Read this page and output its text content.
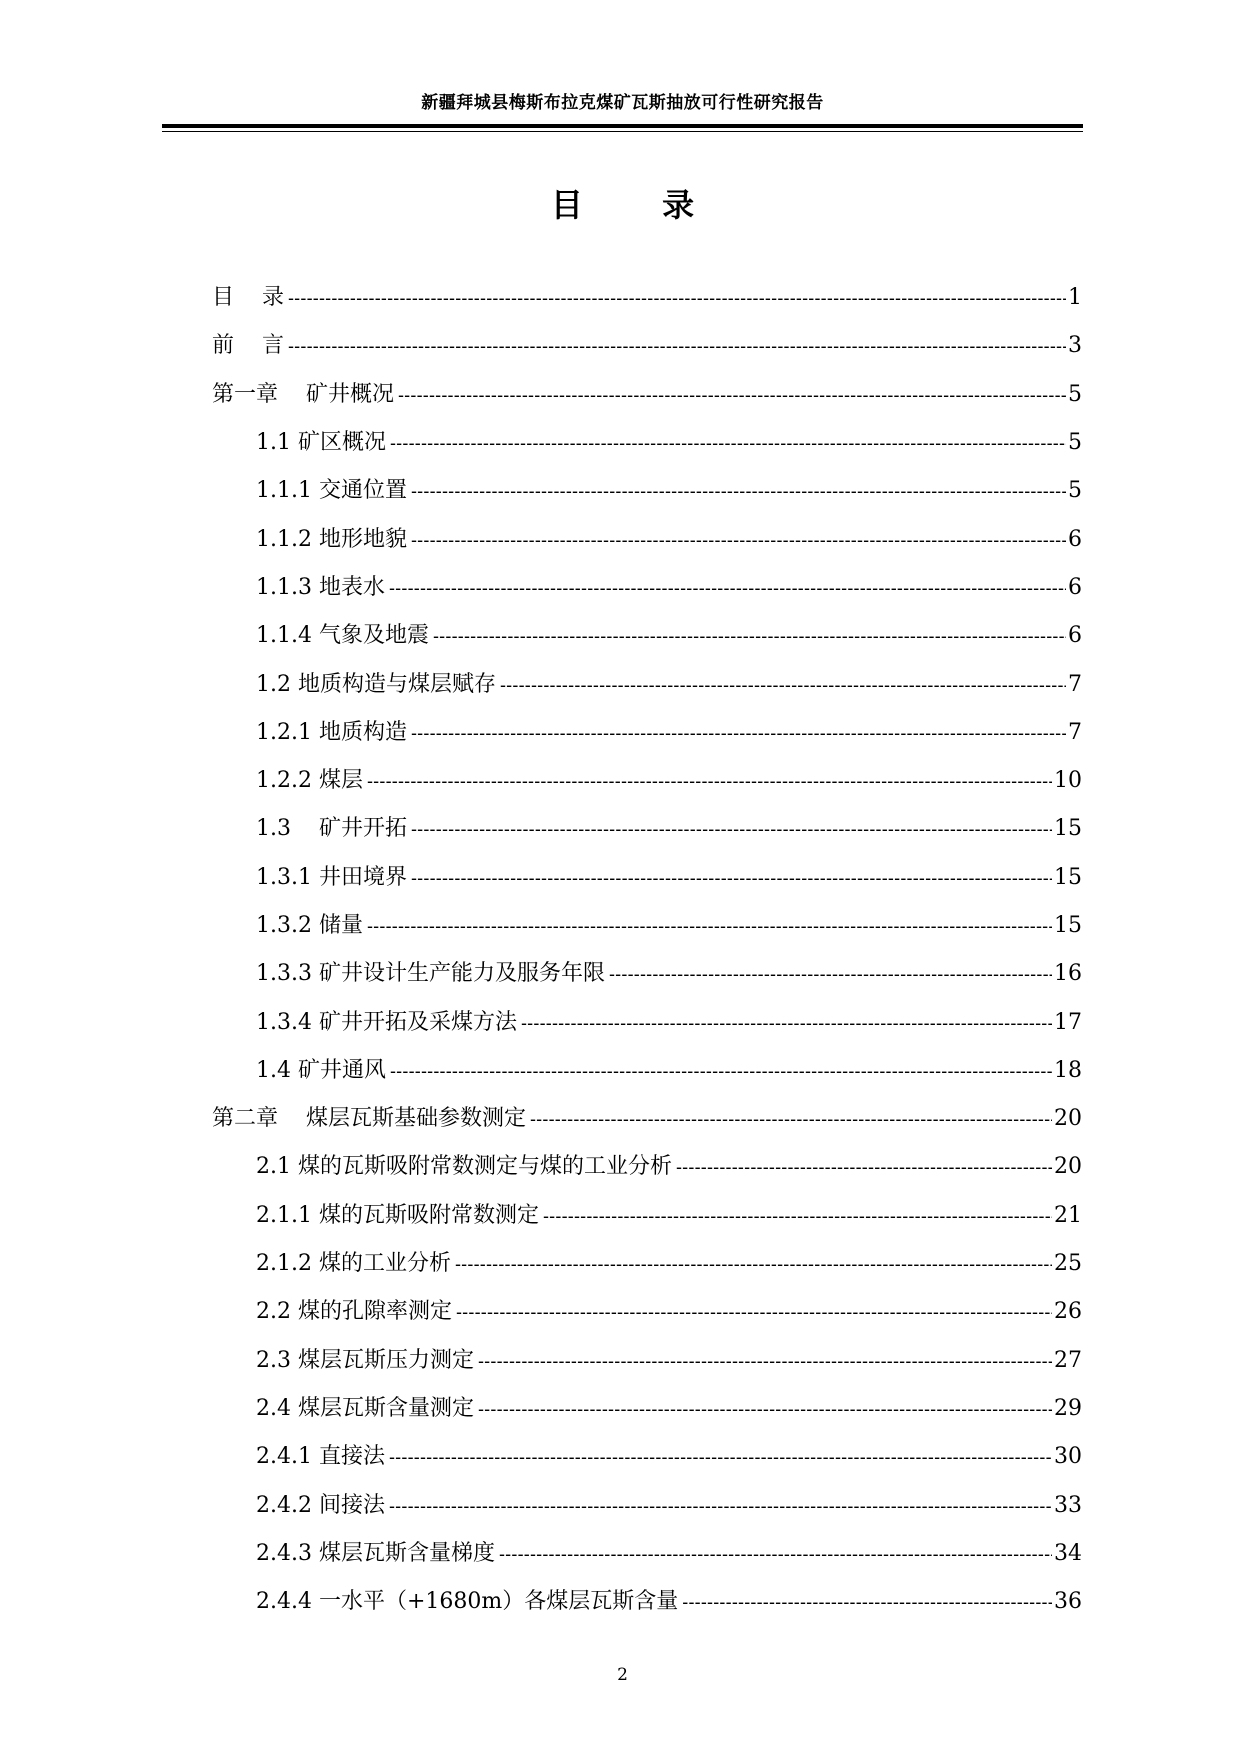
新疆拜城县梅斯布拉克煤矿瓦斯抽放可行性研究报告
目 录
目    录 -----	1
前    言 -----	3
第一章    矿井概况 -----	5
1.1 矿区概况 -----	5
1.1.1 交通位置 -----	5
1.1.2 地形地貌 -----	6
1.1.3 地表水 -----	6
1.1.4 气象及地震 -----	6
1.2 地质构造与煤层赋存 -----	7
1.2.1 地质构造 -----	7
1.2.2 煤层 -----	10
1.3    矿井开拓 -----	15
1.3.1 井田境界 -----	15
1.3.2 储量 -----	15
1.3.3 矿井设计生产能力及服务年限 -----	16
1.3.4 矿井开拓及采煤方法 -----	17
1.4 矿井通风 -----	18
第二章    煤层瓦斯基础参数测定 -----	20
2.1 煤的瓦斯吸附常数测定与煤的工业分析 -----	20
2.1.1 煤的瓦斯吸附常数测定 -----	21
2.1.2 煤的工业分析 -----	25
2.2 煤的孔隙率测定 -----	26
2.3 煤层瓦斯压力测定 -----	27
2.4 煤层瓦斯含量测定 -----	29
2.4.1 直接法 -----	30
2.4.2 间接法 -----	33
2.4.3 煤层瓦斯含量梯度 -----	34
2.4.4 一水平（+1680m）各煤层瓦斯含量 -----	36
2
